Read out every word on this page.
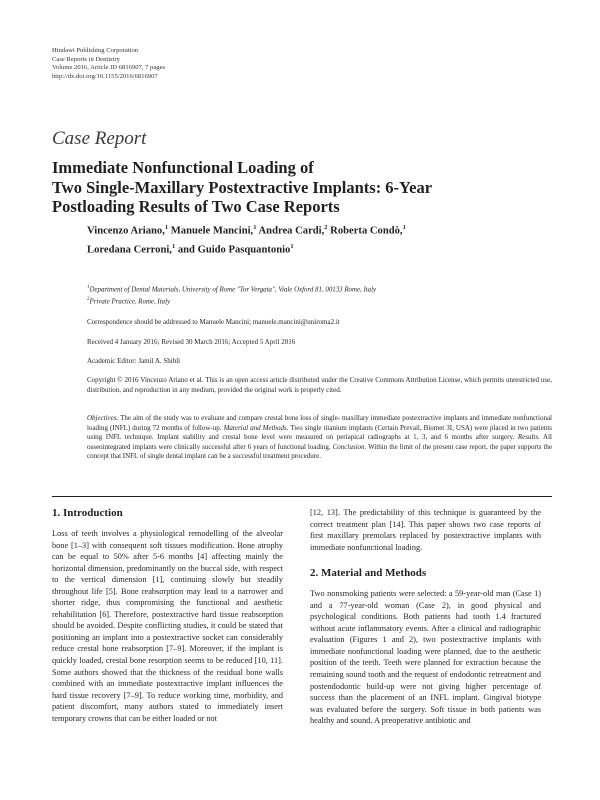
Hindawi Publishing Corporation
Case Reports in Dentistry
Volume 2016, Article ID 6816907, 7 pages
http://dx.doi.org/10.1155/2016/6816907
Case Report
Immediate Nonfunctional Loading of
Two Single-Maxillary Postextractive Implants: 6-Year
Postloading Results of Two Case Reports
Vincenzo Ariano,$^1$ Manuele Mancini,$^1$ Andrea Cardi,$^2$ Roberta Condò,$^1$
Loredana Cerroni,$^1$ and Guido Pasquantonio$^1$
$^1$Department of Dental Materials, University of Rome "Tor Vergata", Viale Oxford 81, 00133 Rome, Italy
$^2$Private Practice, Rome, Italy
Correspondence should be addressed to Manuele Mancini; manuele.mancini@uniroma2.it
Received 4 January 2016; Revised 30 March 2016; Accepted 5 April 2016
Academic Editor: Jamil A. Shibli
Copyright © 2016 Vincenzo Ariano et al. This is an open access article distributed under the Creative Commons Attribution License, which permits unrestricted use, distribution, and reproduction in any medium, provided the original work is properly cited.
Objectives. The aim of the study was to evaluate and compare crestal bone loss of single- maxillary immediate postextractive implants and immediate nonfunctional loading (INFL) during 72 months of follow-up. Material and Methods. Two single titanium implants (Certain Prevail, Biomet 3I, USA) were placed in two patients using INFL technique. Implant stability and crestal bone level were measured on periapical radiographs at 1, 3, and 6 months after surgery. Results. All osseointegrated implants were clinically successful after 6 years of functional loading. Conclusion. Within the limit of the present case report, the paper supports the concept that INFL of single dental implant can be a successful treatment procedure.
1. Introduction

Loss of teeth involves a physiological remodelling of the alveolar bone [1–3] with consequent soft tissues modification. Bone atrophy can be equal to 50% after 5-6 months [4] affecting mainly the horizontal dimension, predominantly on the buccal side, with respect to the vertical dimension [1], continuing slowly but steadily throughout life [5]. Bone reabsorption may lead to a narrower and shorter ridge, thus compromising the functional and aesthetic rehabilitation [6]. Therefore, postextractive hard tissue reabsorption should be avoided. Despite conflicting studies, it could be stated that positioning an implant into a postextractive socket can considerably reduce crestal bone reabsorption [7–9]. Moreover, if the implant is quickly loaded, crestal bone resorption seems to be reduced [10, 11]. Some authors showed that the thickness of the residual bone walls combined with an immediate postextractive implant influences the hard tissue recovery [7–9]. To reduce working time, morbidity, and patient discomfort, many authors stated to immediately insert temporary crowns that can be either loaded or not

[12, 13]. The predictability of this technique is guaranteed by the correct treatment plan [14]. This paper shows two case reports of first maxillary premolars replaced by postextractive implants with immediate nonfunctional loading.

2. Material and Methods

Two nonsmoking patients were selected: a 59-year-old man (Case 1) and a 77-year-old woman (Case 2), in good physical and psychological conditions. Both patients had tooth 1.4 fractured without acute inflammatory events. After a clinical and radiographic evaluation (Figures 1 and 2), two postextractive implants with immediate nonfunctional loading were planned, due to the aesthetic position of the teeth. Teeth were planned for extraction because the remaining sound tooth and the request of endodontic retreatment and postendodontic build-up were not giving higher percentage of success than the placement of an INFL implant. Gingival biotype was evaluated before the surgery. Soft tissue in both patients was healthy and sound. A preoperative antibiotic and
